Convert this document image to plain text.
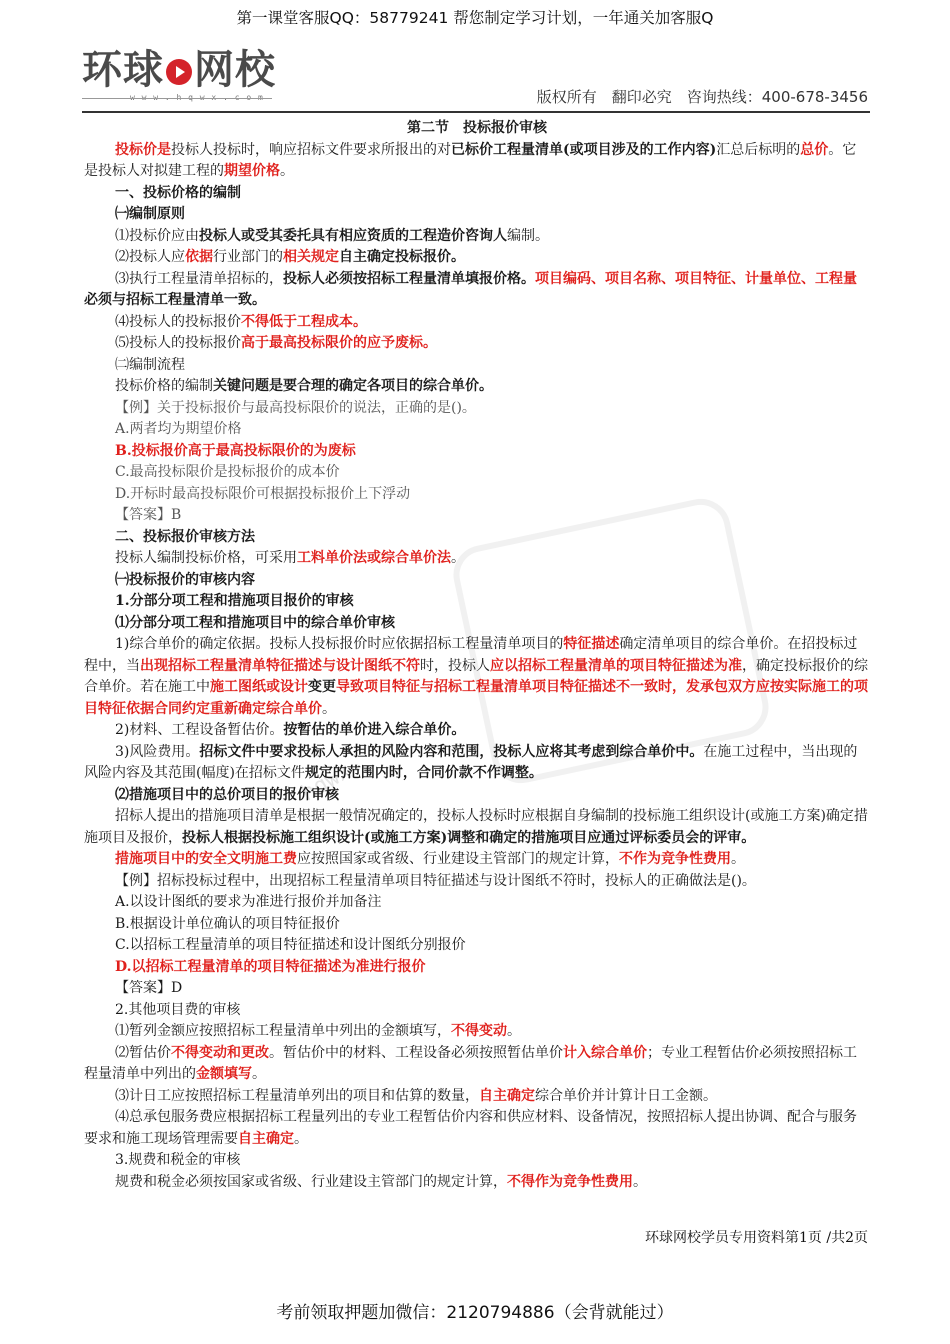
第一课堂客服QQ：58779241 帮您制定学习计划，一年通关加客服Q
环球 网校
版权所有　翻印必究　咨询热线：400-678-3456
hqwx

第二节　投标报价审核

投标价是投标人投标时，响应招标文件要求所报出的对已标价工程量清单(或项目涉及的工作内容)汇总后标明的总价。它是投标人对拟建工程的期望价格。

一、投标价格的编制

㈠编制原则

⑴投标价应由投标人或受其委托具有相应资质的工程造价咨询人编制。

⑵投标人应依据行业部门的相关规定自主确定投标报价。

⑶执行工程量清单招标的，投标人必须按招标工程量清单填报价格。项目编码、项目名称、项目特征、计量单位、工程量必须与招标工程量清单一致。

⑷投标人的投标报价不得低于工程成本。

⑸投标人的投标报价高于最高投标限价的应予废标。

㈡编制流程

投标价格的编制关键问题是要合理的确定各项目的综合单价。

【例】关于投标报价与最高投标限价的说法，正确的是()。

A.两者均为期望价格

B.投标报价高于最高投标限价的为废标

C.最高投标限价是投标报价的成本价

D.开标时最高投标限价可根据投标报价上下浮动

【答案】B

二、投标报价审核方法

投标人编制投标价格，可采用工料单价法或综合单价法。

㈠投标报价的审核内容

1.分部分项工程和措施项目报价的审核

⑴分部分项工程和措施项目中的综合单价审核

1)综合单价的确定依据。投标人投标报价时应依据招标工程量清单项目的特征描述确定清单项目的综合单价。在招投标过程中，当出现招标工程量清单特征描述与设计图纸不符时，投标人应以招标工程量清单的项目特征描述为准，确定投标报价的综合单价。若在施工中施工图纸或设计变更导致项目特征与招标工程量清单项目特征描述不一致时，发承包双方应按实际施工的项目特征依据合同约定重新确定综合单价。

2)材料、工程设备暂估价。按暂估的单价进入综合单价。

3)风险费用。招标文件中要求投标人承担的风险内容和范围，投标人应将其考虑到综合单价中。在施工过程中，当出现的风险内容及其范围(幅度)在招标文件规定的范围内时，合同价款不作调整。

⑵措施项目中的总价项目的报价审核

招标人提出的措施项目清单是根据一般情况确定的，投标人投标时应根据自身编制的投标施工组织设计(或施工方案)确定措施项目及报价，投标人根据投标施工组织设计(或施工方案)调整和确定的措施项目应通过评标委员会的评审。

措施项目中的安全文明施工费应按照国家或省级、行业建设主管部门的规定计算，不作为竞争性费用。

【例】招标投标过程中，出现招标工程量清单项目特征描述与设计图纸不符时，投标人的正确做法是()。

A.以设计图纸的要求为准进行报价并加备注

B.根据设计单位确认的项目特征报价

C.以招标工程量清单的项目特征描述和设计图纸分别报价

D.以招标工程量清单的项目特征描述为准进行报价

【答案】D

2.其他项目费的审核

⑴暂列金额应按照招标工程量清单中列出的金额填写，不得变动。

⑵暂估价不得变动和更改。暂估价中的材料、工程设备必须按照暂估单价计入综合单价；专业工程暂估价必须按照招标工程量清单中列出的金额填写。

⑶计日工应按照招标工程量清单列出的项目和估算的数量，自主确定综合单价并计算计日工金额。

⑷总承包服务费应根据招标工程量列出的专业工程暂估价内容和供应材料、设备情况，按照招标人提出协调、配合与服务要求和施工现场管理需要自主确定。

3.规费和税金的审核

规费和税金必须按国家或省级、行业建设主管部门的规定计算，不得作为竞争性费用。

环球网校学员专用资料第1页 /共2页
考前领取押题加微信：2120794886（会背就能过）
